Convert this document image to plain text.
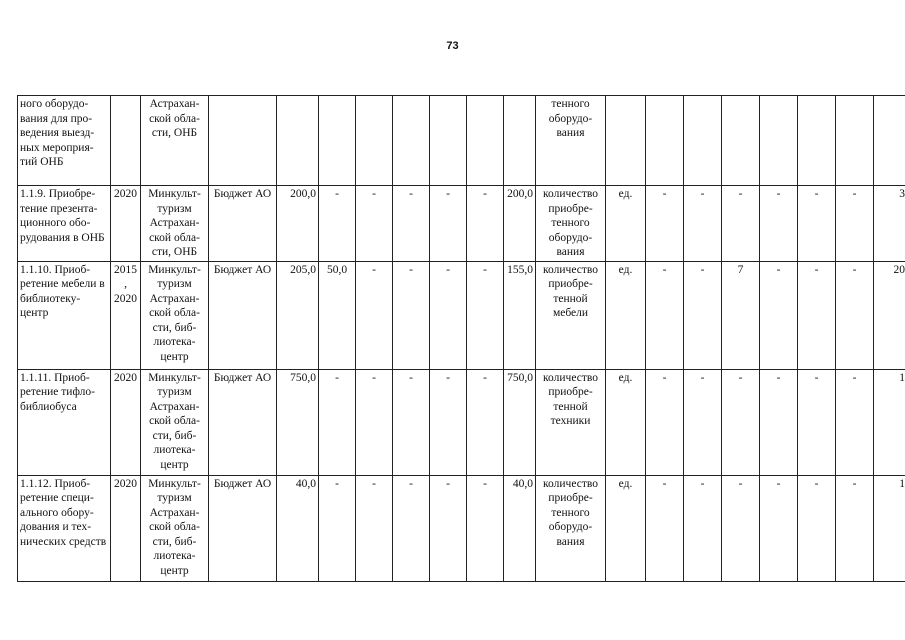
73
ного оборудо-вания для про-ведения выезд-ных мероприя-тий ОНБ		Астрахан-ской обла-сти, ОНБ									тенного оборудо-вания								
1.1.9. Приобре-тение презента-ционного обо-рудования в ОНБ	2020	Минкульт-туризм Астрахан-ской обла-сти, ОНБ	Бюджет АО	200,0	-	-	-	-	-	200,0	количество приобре-тенного оборудо-вания	ед.	-	-	-	-	-	-	3
1.1.10. Приоб-ретение мебели в библиотеку-центр	2015, 2020	Минкульт-туризм Астрахан-ской обла-сти, биб-лиотека-центр	Бюджет АО	205,0	50,0	-	-	-	-	155,0	количество приобре-тенной мебели	ед.	-	-	7	-	-	-	20
1.1.11. Приоб-ретение тифло-библиобуса	2020	Минкульт-туризм Астрахан-ской обла-сти, биб-лиотека-центр	Бюджет АО	750,0	-	-	-	-	-	750,0	количество приобре-тенной техники	ед.	-	-	-	-	-	-	1
1.1.12. Приоб-ретение специ-ального обору-дования и тех-нических средств	2020	Минкульт-туризм Астрахан-ской обла-сти, биб-лиотека-центр	Бюджет АО	40,0	-	-	-	-	-	40,0	количество приобре-тенного оборудо-вания	ед.	-	-	-	-	-	-	1
